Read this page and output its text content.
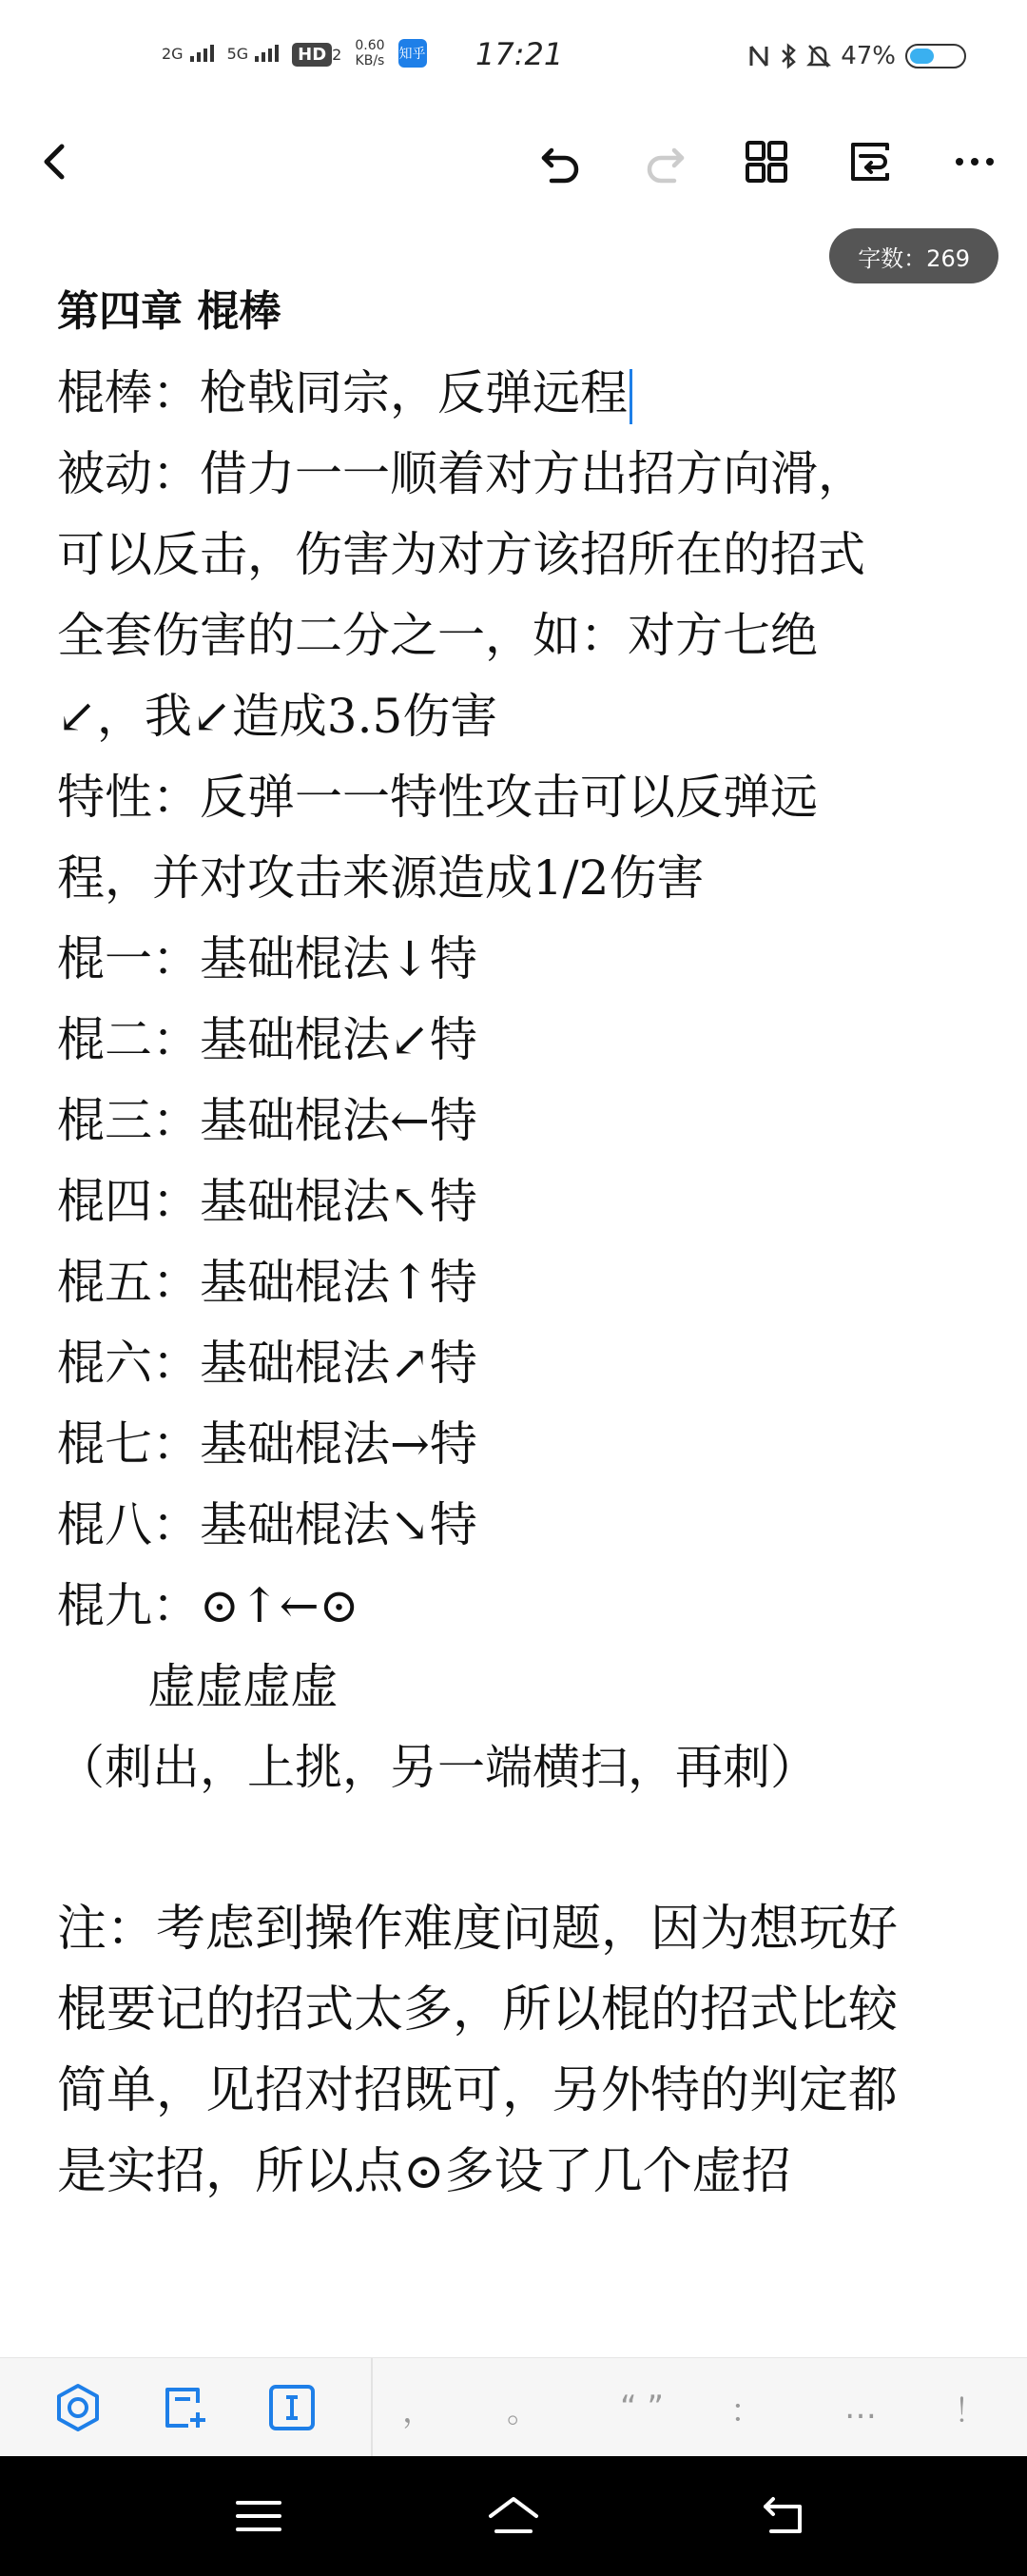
2G	5G	HD 2 0.60
KB/s 知乎 17:21	47%
字数：269
第四章 棍棒
棍棒：枪戟同宗，反弹远程
被动：借力一一顺着对方出招方向滑，
可以反击，伤害为对方该招所在的招式
全套伤害的二分之一，如：对方七绝
↙，我↙造成3.5伤害
特性：反弹一一特性攻击可以反弹远
程，并对攻击来源造成1/2伤害
棍一：基础棍法↓特
棍二：基础棍法↙特
棍三：基础棍法←特
棍四：基础棍法↖特
棍五：基础棍法↑特
棍六：基础棍法↗特
棍七：基础棍法→特
棍八：基础棍法↘特
棍九：⊙↑←⊙
虚虚虚虚
（刺出，上挑，另一端横扫，再刺）
注：考虑到操作难度问题，因为想玩好
棍要记的招式太多，所以棍的招式比较
简单，见招对招既可，另外特的判定都
是实招，所以点⊙多设了几个虚招
，	。	“ ”	：	…	！
